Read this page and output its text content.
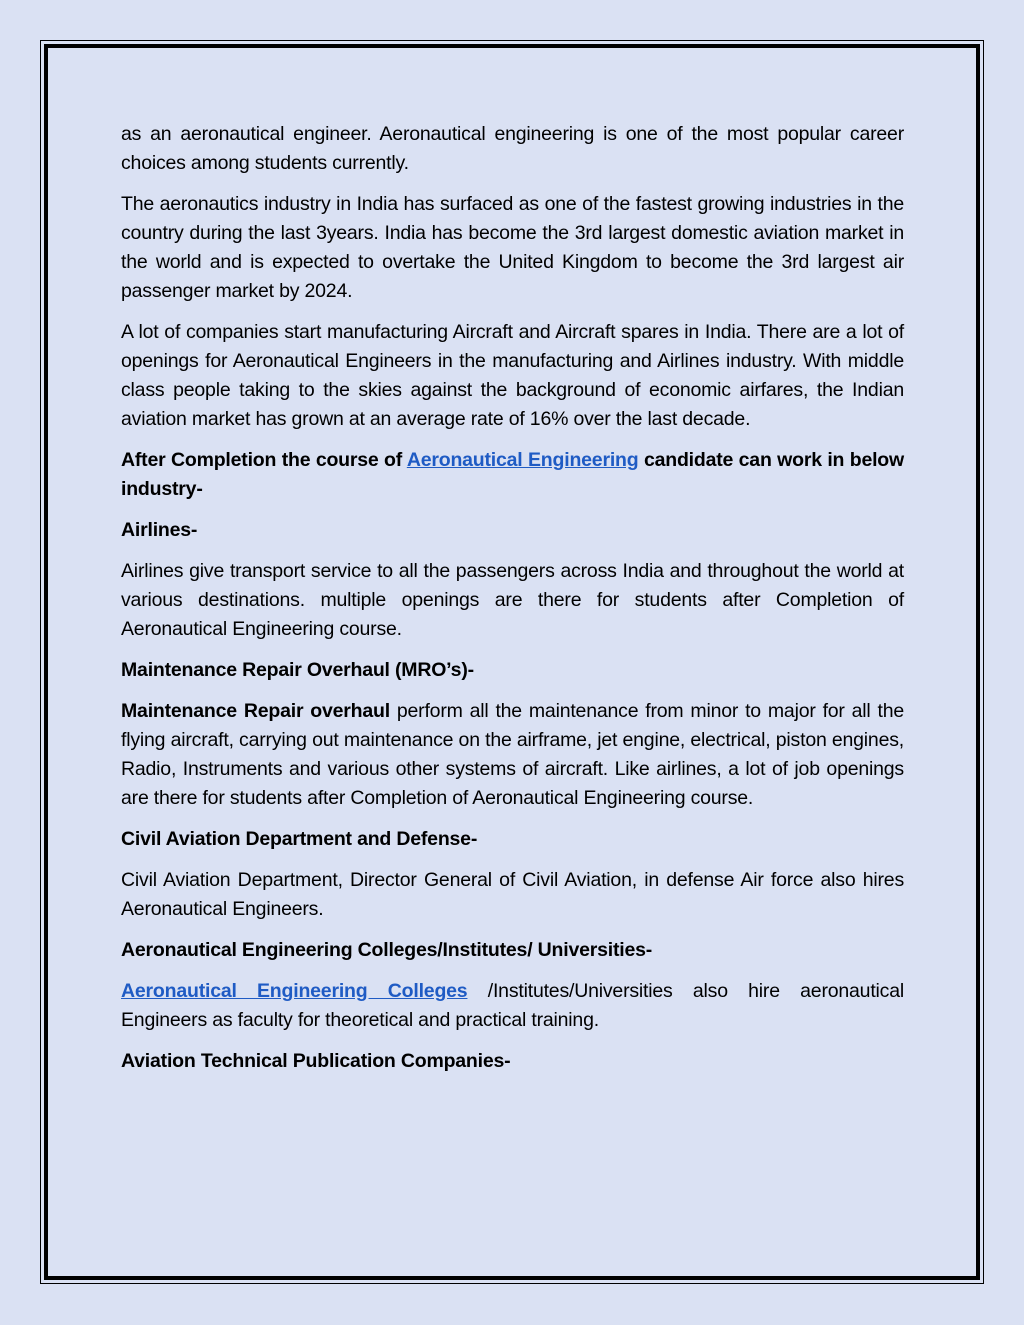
as an aeronautical engineer. Aeronautical engineering is one of the most popular career choices among students currently.

The aeronautics industry in India has surfaced as one of the fastest growing industries in the country during the last 3years. India has become the 3rd largest domestic aviation market in the world and is expected to overtake the United Kingdom to become the 3rd largest air passenger market by 2024.

A lot of companies start manufacturing Aircraft and Aircraft spares in India. There are a lot of openings for Aeronautical Engineers in the manufacturing and Airlines industry. With middle class people taking to the skies against the background of economic airfares, the Indian aviation market has grown at an average rate of 16% over the last decade.

After Completion the course of Aeronautical Engineering candidate can work in below industry-

Airlines-

Airlines give transport service to all the passengers across India and throughout the world at various destinations. multiple openings are there for students after Completion of Aeronautical Engineering course.

Maintenance Repair Overhaul (MRO’s)-

Maintenance Repair overhaul perform all the maintenance from minor to major for all the flying aircraft, carrying out maintenance on the airframe, jet engine, electrical, piston engines, Radio, Instruments and various other systems of aircraft. Like airlines, a lot of job openings are there for students after Completion of Aeronautical Engineering course.

Civil Aviation Department and Defense-

Civil Aviation Department, Director General of Civil Aviation, in defense Air force also hires Aeronautical Engineers.

Aeronautical Engineering Colleges/Institutes/ Universities-

Aeronautical Engineering Colleges /Institutes/Universities also hire aeronautical Engineers as faculty for theoretical and practical training.

Aviation Technical Publication Companies-
